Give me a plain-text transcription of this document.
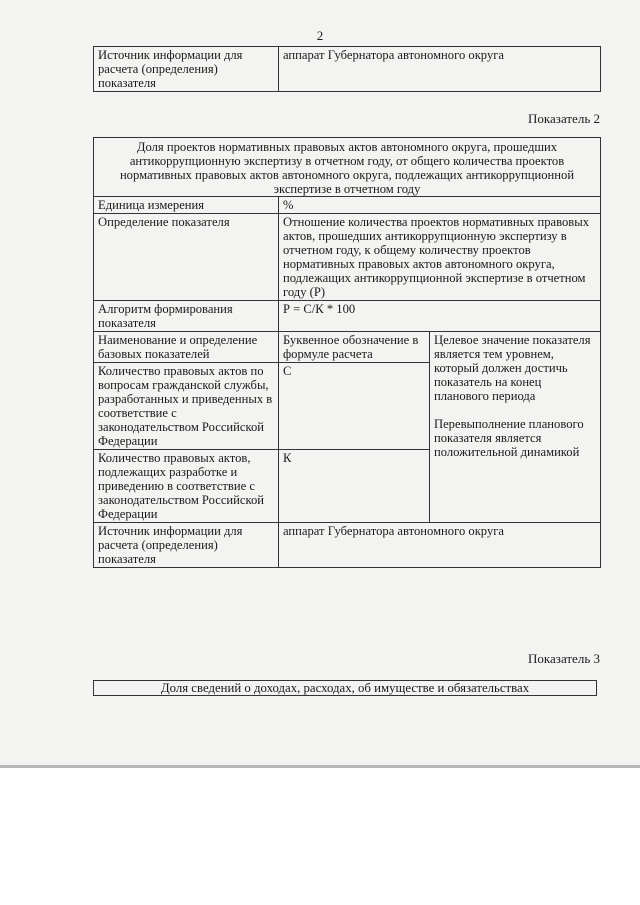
2
Источник информации для расчета (определения) показателя	аппарат Губернатора автономного округа
Показатель 2
Доля проектов нормативных правовых актов автономного округа, прошедших антикоррупционную экспертизу в отчетном году, от общего количества проектов нормативных правовых актов автономного округа, подлежащих антикоррупционной экспертизе в отчетном году		
Единица измерения	%	
Определение показателя	Отношение количества проектов нормативных правовых актов, прошедших антикоррупционную экспертизу в отчетном году, к общему количеству проектов нормативных правовых актов автономного округа, подлежащих антикоррупционной экспертизе в отчетном году (Р)	
Алгоритм формирования показателя	Р = С/К * 100	
Наименование и определение базовых показателей	Буквенное обозначение в формуле расчета	Целевое значение показателя является тем уровнем, который должен достичь показатель на конец планового периода
Перевыполнение планового показателя является положительной динамикой

Количество правовых актов по вопросам гражданской службы, разработанных и приведенных в соответствие с законодательством Российской Федерации	С	
Количество правовых актов, подлежащих разработке и приведению в соответствие с законодательством Российской Федерации	К	
Источник информации для расчета (определения) показателя	аппарат Губернатора автономного округа	
Показатель 3
Доля сведений о доходах, расходах, об имуществе и обязательствах
